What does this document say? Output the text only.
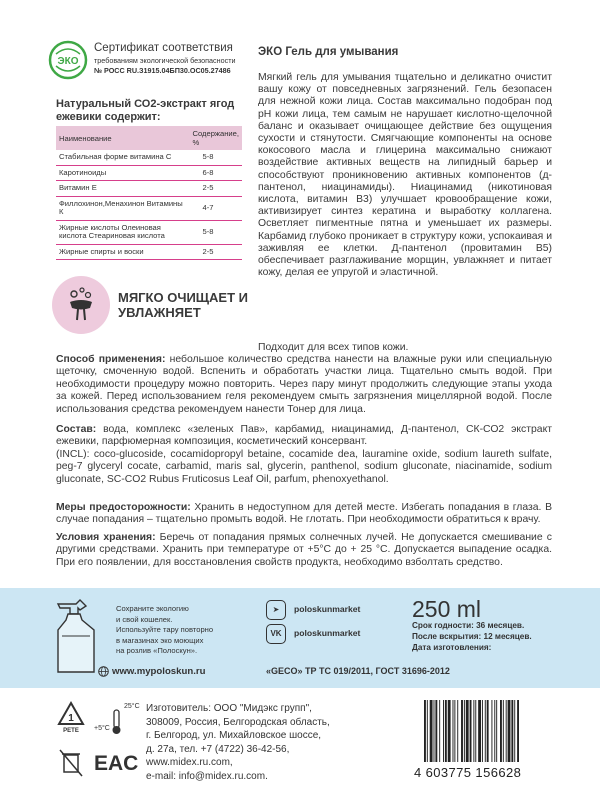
ЭКО
Сертификат соответствия
требованиям экологической безопасности
№ РОСС RU.З1915.04БП30.ОС05.27486
Натуральный СО2-экстракт ягод ежевики содержит:
Наименование	Содержание, %
Стабильная форме витамина С	5-8
Каротиноиды	6-8
Витамин Е	2-5
Филлохинон,Менахинон Витамины К	4-7
Жирные кислоты Олеиновая кислота Стеариновая кислота	5-8
Жирные спирты и воски	2-5
МЯГКО ОЧИЩАЕТ И УВЛАЖНЯЕТ
ЭКО Гель для умывания
Мягкий гель для умывания тщательно и деликатно очистит вашу кожу от повседневных загрязнений. Гель безопасен для нежной кожи лица. Состав максимально подобран под pH кожи лица, тем самым не нарушает кислотно-щелочной баланс и оказывает очищающее действие без ощущения сухости и стянутости. Смягчающие компоненты на основе кокосового масла и глицерина максимально снижают воздействие активных веществ на липидный барьер и способствуют проникновению активных компонентов (д-пантенол, ниацинамиды). Ниацинамид (никотиновая кислота, витамин В3) улучшает кровообращение кожи, активизирует синтез кератина и выработку коллагена. Осветляет пигментные пятна и уменьшает их размеры. Карбамид глубоко проникает в структуру кожи, успокаивая и заживляя ее клетки. Д-пантенол (провитамин В5) обеспечивает разглаживание морщин, увлажняет и питает кожу, делая ее упругой и эластичной.
Подходит для всех типов кожи.
Способ применения: небольшое количество средства нанести на влажные руки или специальную щеточку, смоченную водой. Вспенить и обработать участки лица. Тщательно смыть водой. При необходимости процедуру можно повторить. Через пару минут продолжить следующие этапы ухода за кожей. Перед использованием геля рекомендуем смыть загрязнения мицеллярной водой. После использования средства рекомендуем нанести Тонер для лица.
Состав: вода, комплекс «зеленых Пав», карбамид, ниацинамид, Д-пантенол, СК-СО2 экстракт ежевики, парфюмерная композиция, косметический консервант.
(INCL): coco-glucoside, cocamidopropyl betaine, cocamide dea, lauramine oxide, sodium laureth sulfate, peg-7 glyceryl cocate, carbamid, maris sal, glycerin, panthenol, sodium gluconate, niacinamide, sodium gluconate, SC-CO2 Rubus Fruticosus Leaf Oil, parfum, phenoxyethanol.
Меры предосторожности: Хранить в недоступном для детей месте. Избегать попадания в глаза. В случае попадания – тщательно промыть водой. Не глотать. При необходимости обратиться к врачу.
Условия хранения: Беречь от попадания прямых солнечных лучей. Не допускается смешивание с другими средствами. Хранить при температуре от +5°С до + 25 °С. Допускается выпадение осадка. При его появлении, для восстановления свойств продукта, необходимо взболтать средство.
Сохраните экологию
и свой кошелек.
Используйте тару повторно
в магазинах эко моющих
на розлив «Полоскун».
www.mypoloskun.ru
➤	poloskunmarket
VK	poloskunmarket
250 ml
Срок годности: 36 месяцев.
После вскрытия: 12 месяцев.
Дата изготовления:
«GECO» ТР ТС 019/2011, ГОСТ 31696-2012
1
PETE
25°C
+5°C
EAC
Изготовитель: ООО "Мидэкс групп",
308009, Россия, Белгородская область,
г. Белгород, ул. Михайловское шоссе,
д. 27а, тел. +7 (4722) 36-42-56,
www.midex.ru.com,
e-mail: info@midex.ru.com.	4 603775 156628
